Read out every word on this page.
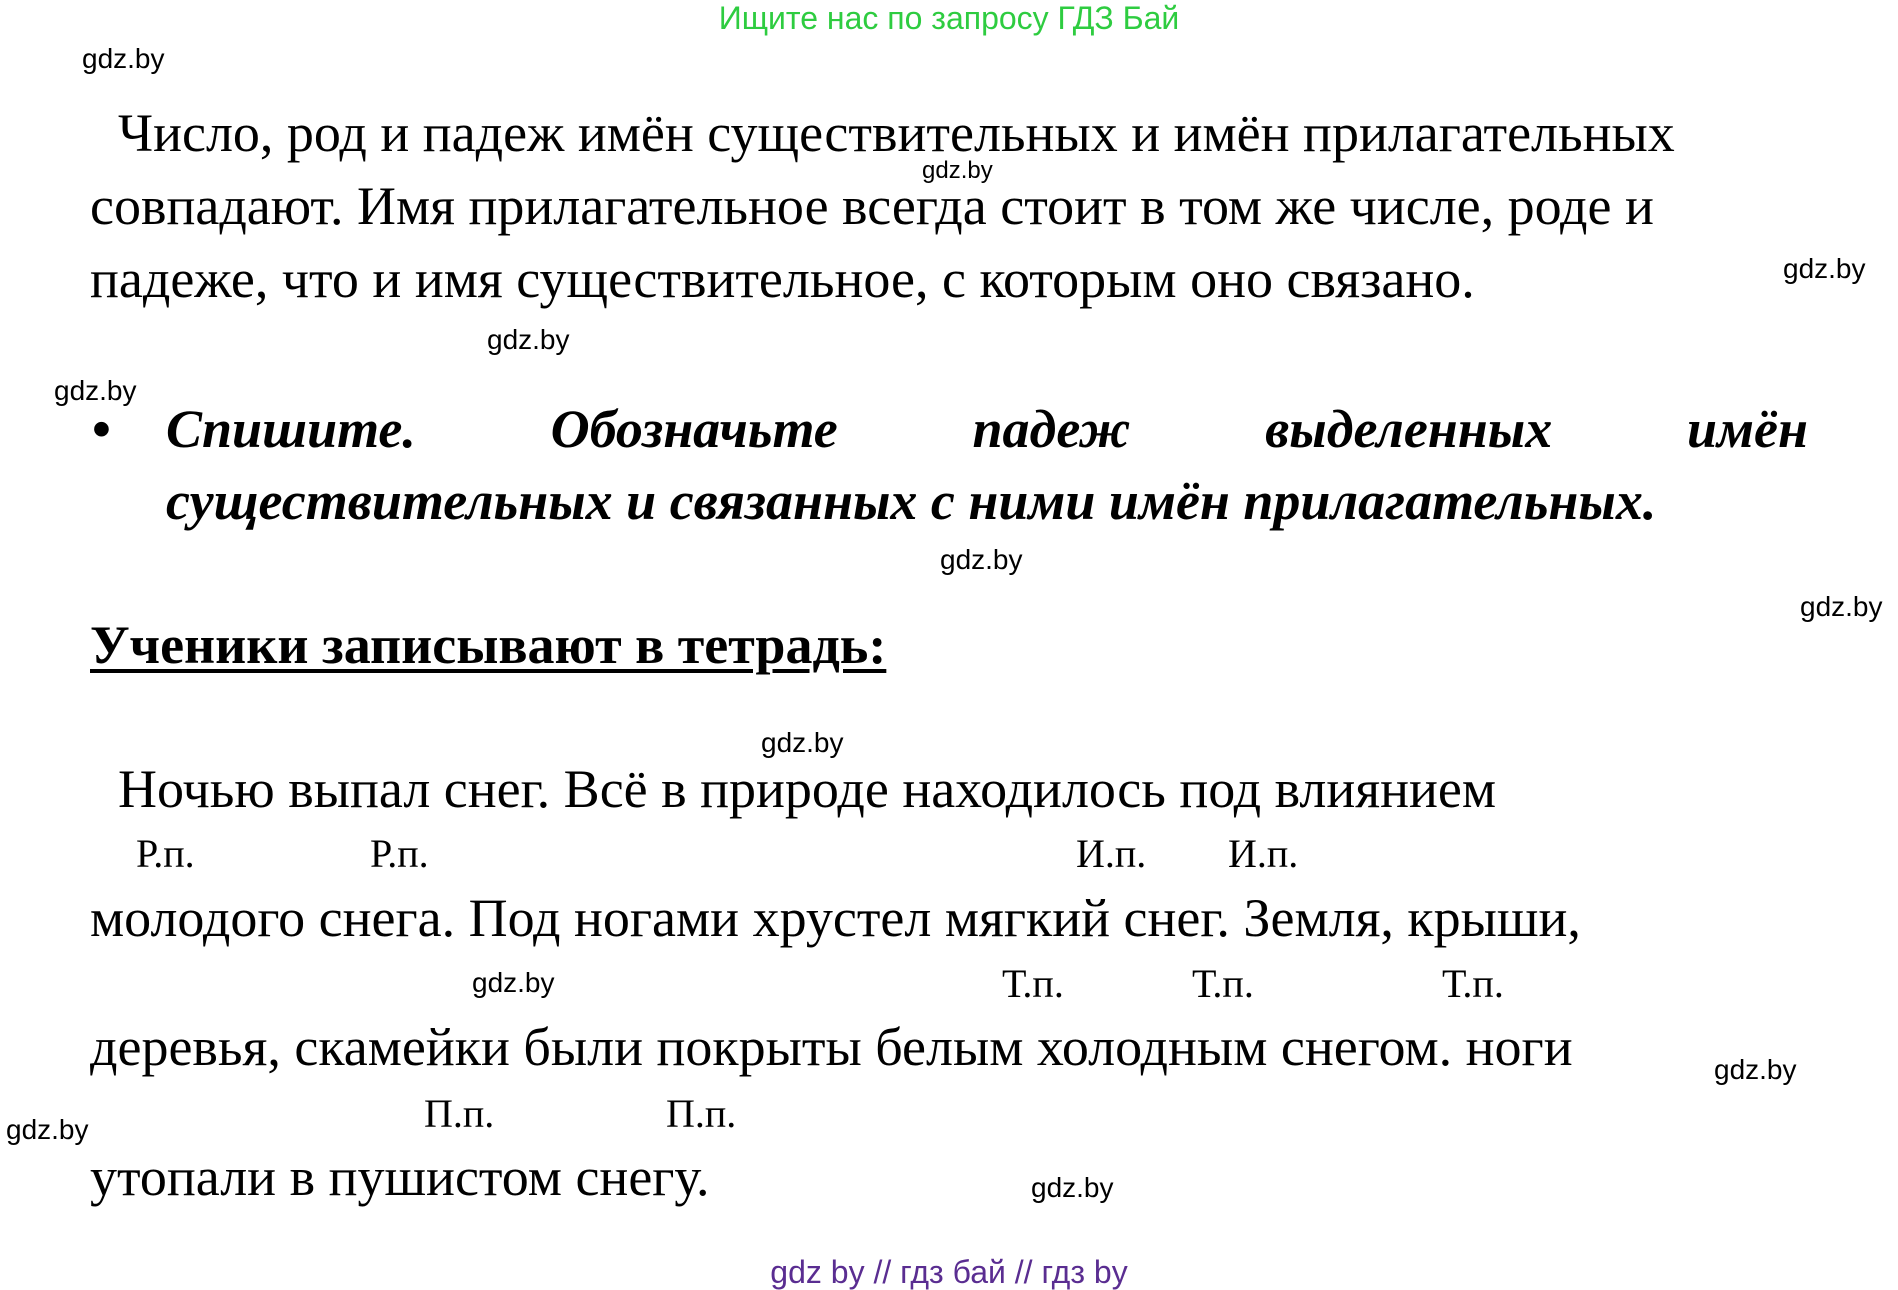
Ищите нас по запросу ГДЗ Бай
gdz.by
gdz.by
gdz.by
gdz.by
gdz.by
gdz.by
gdz.by
gdz.by
gdz.by
gdz.by
gdz.by
gdz.by
Число, род и падеж имён существительных и имён прилагательных
совпадают. Имя прилагательное всегда стоит в том же числе, роде и
падеже, что и имя существительное, с которым оно связано.
• Спишите. Обозначьте падеж выделенных имён
существительных и связанных с ними имён прилагательных.
Ученики записывают в тетрадь:
Ночью выпал снег. Всё в природе находилось под влиянием
Р.п.	Р.п.	И.п. И.п.
молодого снега. Под ногами хрустел мягкий снег. Земля, крыши,
Т.п.	Т.п.	Т.п.
деревья, скамейки были покрыты белым холодным снегом. ноги
П.п.	П.п.
утопали в пушистом снегу.
gdz by // гдз бай // гдз by
